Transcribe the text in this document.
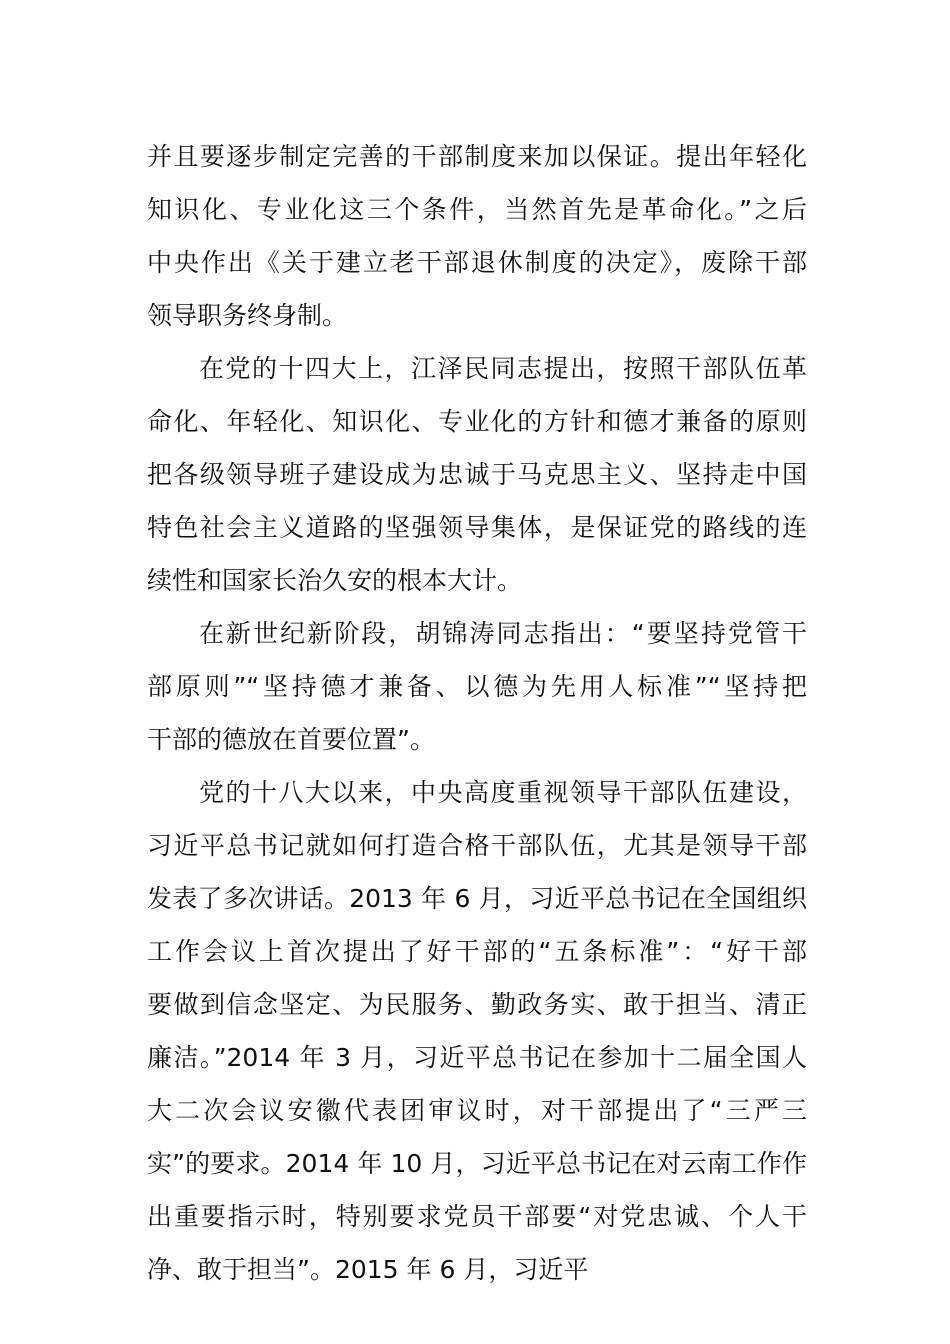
并且要逐步制定完善的干部制度来加以保证。提出年轻化
知识化、专业化这三个条件，当然首先是革命化。”之后
中央作出《关于建立老干部退休制度的决定》，废除干部
领导职务终身制。
在党的十四大上，江泽民同志提出，按照干部队伍革
命化、年轻化、知识化、专业化的方针和德才兼备的原则
把各级领导班子建设成为忠诚于马克思主义、坚持走中国
特色社会主义道路的坚强领导集体，是保证党的路线的连
续性和国家长治久安的根本大计。
在新世纪新阶段，胡锦涛同志指出：“要坚持党管干
部原则”“坚持德才兼备、以德为先用人标准”“坚持把
干部的德放在首要位置”。
党的十八大以来，中央高度重视领导干部队伍建设，
习近平总书记就如何打造合格干部队伍，尤其是领导干部
发表了多次讲话。2013 年 6 月，习近平总书记在全国组织
工作会议上首次提出了好干部的“五条标准”：“好干部
要做到信念坚定、为民服务、勤政务实、敢于担当、清正
廉洁。”2014 年 3 月，习近平总书记在参加十二届全国人
大二次会议安徽代表团审议时，对干部提出了“三严三
实”的要求。2014 年 10 月，习近平总书记在对云南工作作
出重要指示时，特别要求党员干部要“对党忠诚、个人干
净、敢于担当”。2015 年 6 月，习近平
